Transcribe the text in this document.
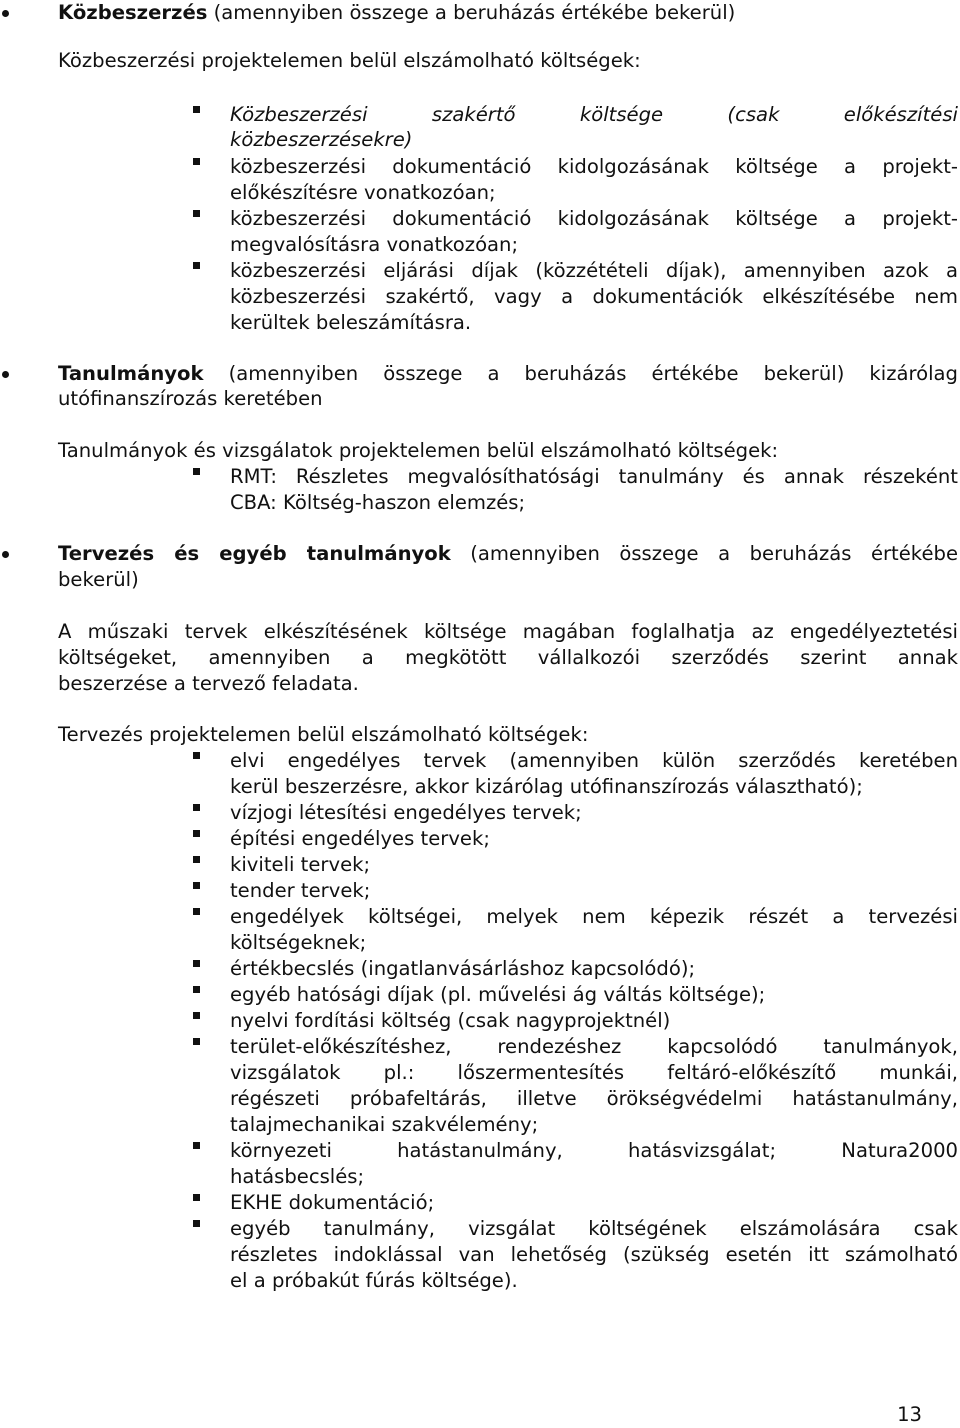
Közbeszerzés (amennyiben összege a beruházás értékébe bekerül)
Közbeszerzési projektelemen belül elszámolható költségek:
Közbeszerzési szakértő költsége (csak előkészítési
közbeszerzésekre)
közbeszerzési dokumentáció kidolgozásának költsége a projekt-
előkészítésre vonatkozóan;
közbeszerzési dokumentáció kidolgozásának költsége a projekt-
megvalósításra vonatkozóan;
közbeszerzési eljárási díjak (közzétételi díjak), amennyiben azok a
közbeszerzési szakértő, vagy a dokumentációk elkészítésébe nem
kerültek beleszámításra.
Tanulmányok (amennyiben összege a beruházás értékébe bekerül) kizárólag
utófinanszírozás keretében
Tanulmányok és vizsgálatok projektelemen belül elszámolható költségek:
RMT: Részletes megvalósíthatósági tanulmány és annak részeként
CBA: Költség-haszon elemzés;
Tervezés és egyéb tanulmányok (amennyiben összege a beruházás értékébe
bekerül)
A műszaki tervek elkészítésének költsége magában foglalhatja az engedélyeztetési
költségeket, amennyiben a megkötött vállalkozói szerződés szerint annak
beszerzése a tervező feladata.
Tervezés projektelemen belül elszámolható költségek:
elvi engedélyes tervek (amennyiben külön szerződés keretében
kerül beszerzésre, akkor kizárólag utófinanszírozás választható);
vízjogi létesítési engedélyes tervek;
építési engedélyes tervek;
kiviteli tervek;
tender tervek;
engedélyek költségei, melyek nem képezik részét a tervezési
költségeknek;
értékbecslés (ingatlanvásárláshoz kapcsolódó);
egyéb hatósági díjak (pl. művelési ág váltás költsége);
nyelvi fordítási költség (csak nagyprojektnél)
terület-előkészítéshez, rendezéshez kapcsolódó tanulmányok,
vizsgálatok pl.: lőszermentesítés feltáró-előkészítő munkái,
régészeti próbafeltárás, illetve örökségvédelmi hatástanulmány,
talajmechanikai szakvélemény;
környezeti hatástanulmány, hatásvizsgálat; Natura2000
hatásbecslés;
EKHE dokumentáció;
egyéb tanulmány, vizsgálat költségének elszámolására csak
részletes indoklással van lehetőség (szükség esetén itt számolható
el a próbakút fúrás költsége).
13
